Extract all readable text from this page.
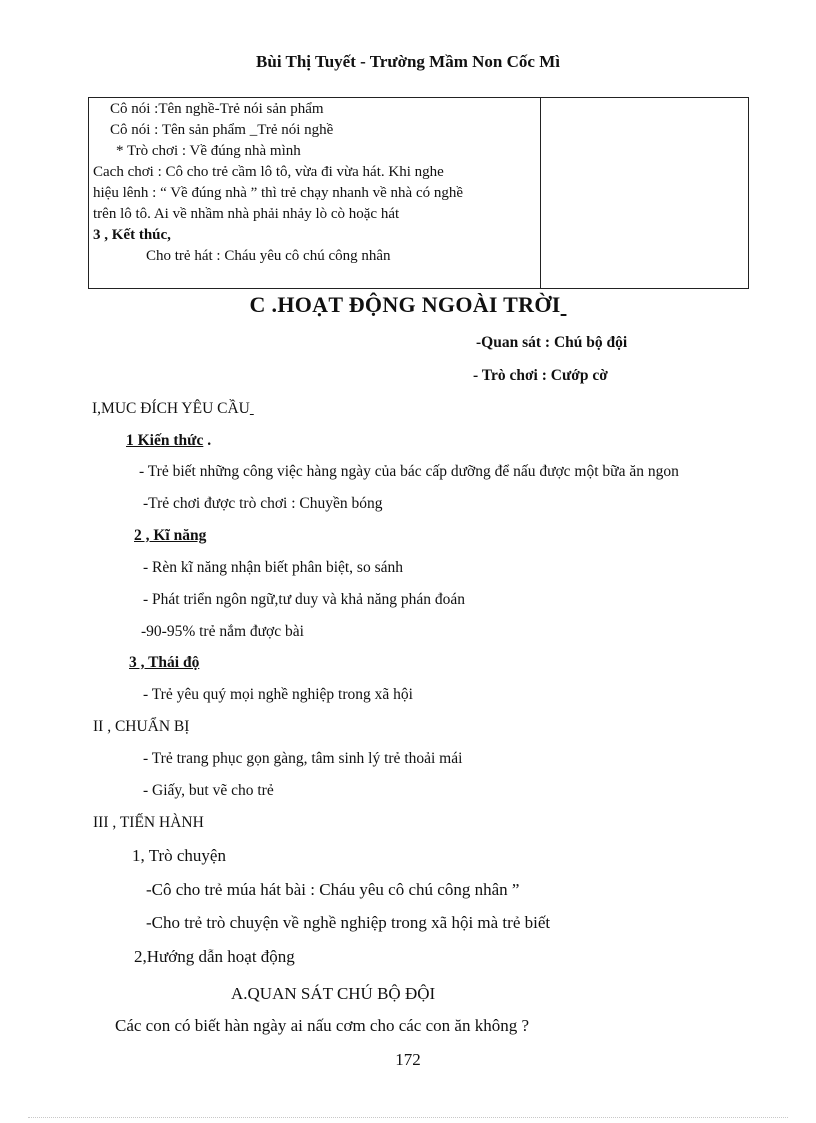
Bùi Thị Tuyết - Trường Mầm Non Cốc Mì
Cô nói :Tên nghề-Trẻ nói sản phẩm
Cô nói : Tên sản phẩm _Trẻ nói nghề
* Trò chơi : Về đúng nhà mình
Cach chơi : Cô cho trẻ cầm lô tô, vừa đi vừa hát. Khi nghe
hiệu lênh : “ Về đúng nhà ” thì trẻ chạy nhanh về nhà có nghề
trên lô tô. Ai về nhầm nhà phải nhảy lò cò hoặc hát
3 , Kết thúc,
Cho trẻ hát : Cháu yêu cô chú công nhân
C .HOẠT ĐỘNG NGOÀI TRỜI
-Quan sát : Chú bộ đội
- Trò chơi : Cướp cờ
I,MUC ĐÍCH YÊU CẦU
1 Kiến thức .
- Trẻ biết những công việc hàng ngày của bác cấp dưỡng để nấu được một bữa ăn ngon
-Trẻ chơi được trò chơi : Chuyền bóng
2 , Kĩ năng
- Rèn kĩ năng nhận biết phân biệt, so sánh
- Phát triển ngôn ngữ,tư duy và khả năng phán đoán
-90-95% trẻ nắm được bài
3 , Thái độ
- Trẻ yêu quý mọi nghề nghiệp trong xã hội
II , CHUẨN BỊ
- Trẻ trang phục gọn gàng, tâm sinh lý trẻ thoải mái
- Giấy, but vẽ cho trẻ
III , TIẾN HÀNH
1, Trò chuyện
-Cô cho trẻ múa hát bài : Cháu yêu cô chú công nhân ”
-Cho trẻ trò chuyện về nghề nghiệp trong xã hội mà trẻ biết
2,Hướng dẫn hoạt động
A.QUAN SÁT CHÚ BỘ ĐỘI
Các con có biết hàn ngày ai nấu cơm cho các con ăn không ?
172
